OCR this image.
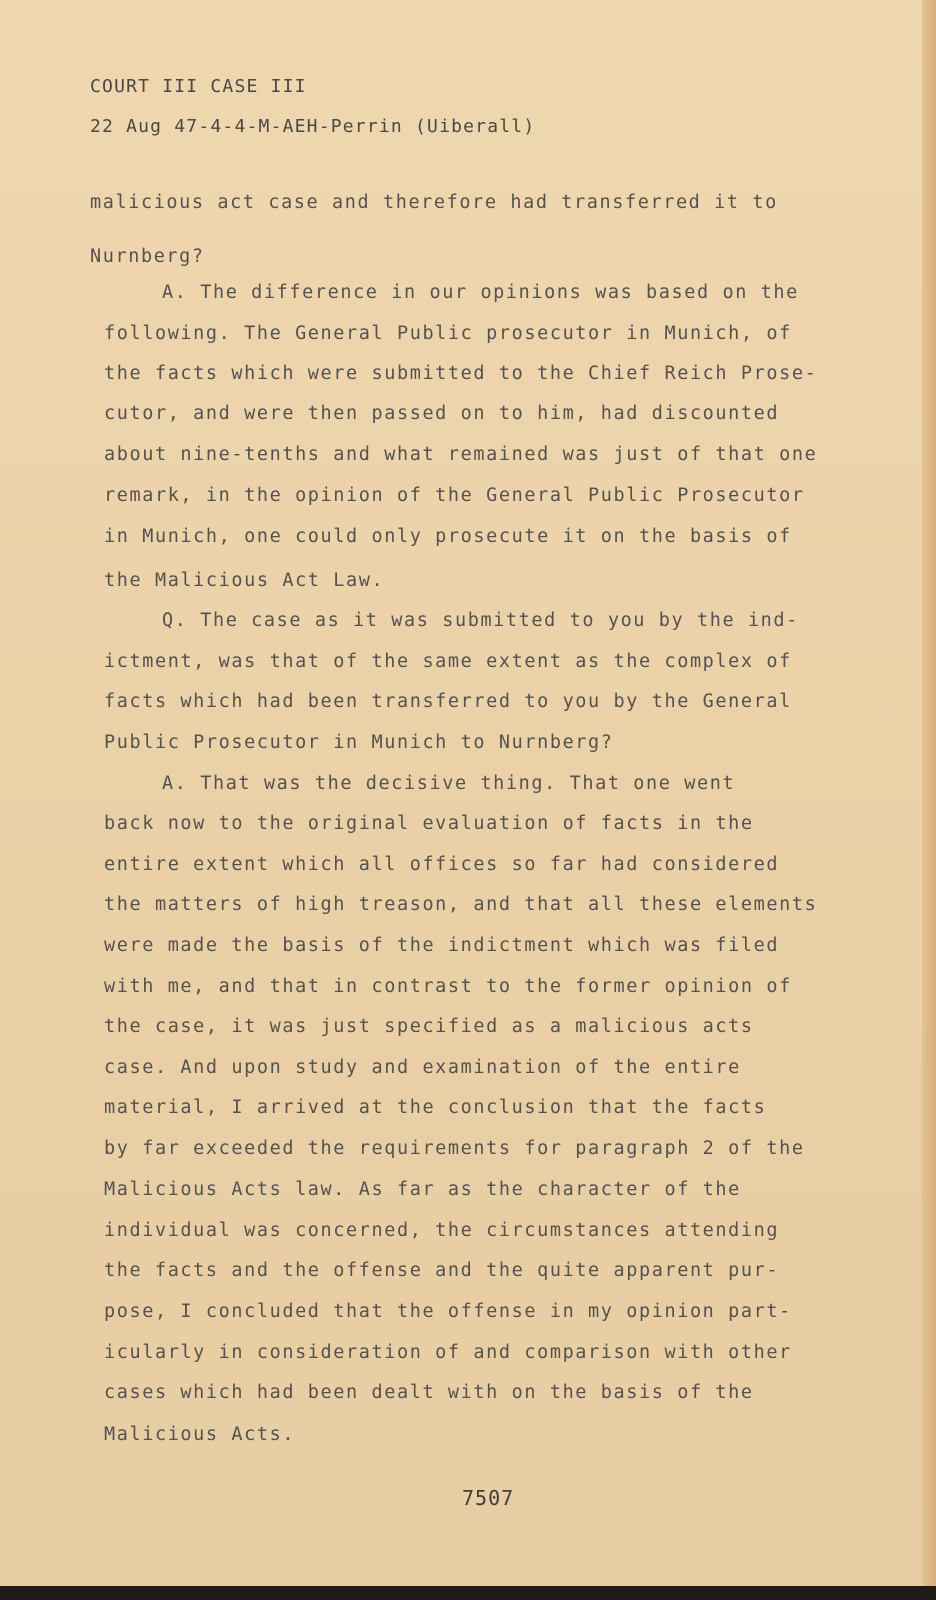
COURT III CASE III
22 Aug 47-4-4-M-AEH-Perrin (Uiberall)
malicious act case and therefore had transferred it to
Nurnberg?
A. The difference in our opinions was based on the
following. The General Public prosecutor in Munich, of
the facts which were submitted to the Chief Reich Prose-
cutor, and were then passed on to him, had discounted
about nine-tenths and what remained was just of that one
remark, in the opinion of the General Public Prosecutor
in Munich, one could only prosecute it on the basis of
the Malicious Act Law.
Q. The case as it was submitted to you by the ind-
ictment, was that of the same extent as the complex of
facts which had been transferred to you by the General
Public Prosecutor in Munich to Nurnberg?
A. That was the decisive thing. That one went
back now to the original evaluation of facts in the
entire extent which all offices so far had considered
the matters of high treason, and that all these elements
were made the basis of the indictment which was filed
with me, and that in contrast to the former opinion of
the case, it was just specified as a malicious acts
case. And upon study and examination of the entire
material, I arrived at the conclusion that the facts
by far exceeded the requirements for paragraph 2 of the
Malicious Acts law. As far as the character of the
individual was concerned, the circumstances attending
the facts and the offense and the quite apparent pur-
pose, I concluded that the offense in my opinion part-
icularly in consideration of and comparison with other
cases which had been dealt with on the basis of the
Malicious Acts.
7507
